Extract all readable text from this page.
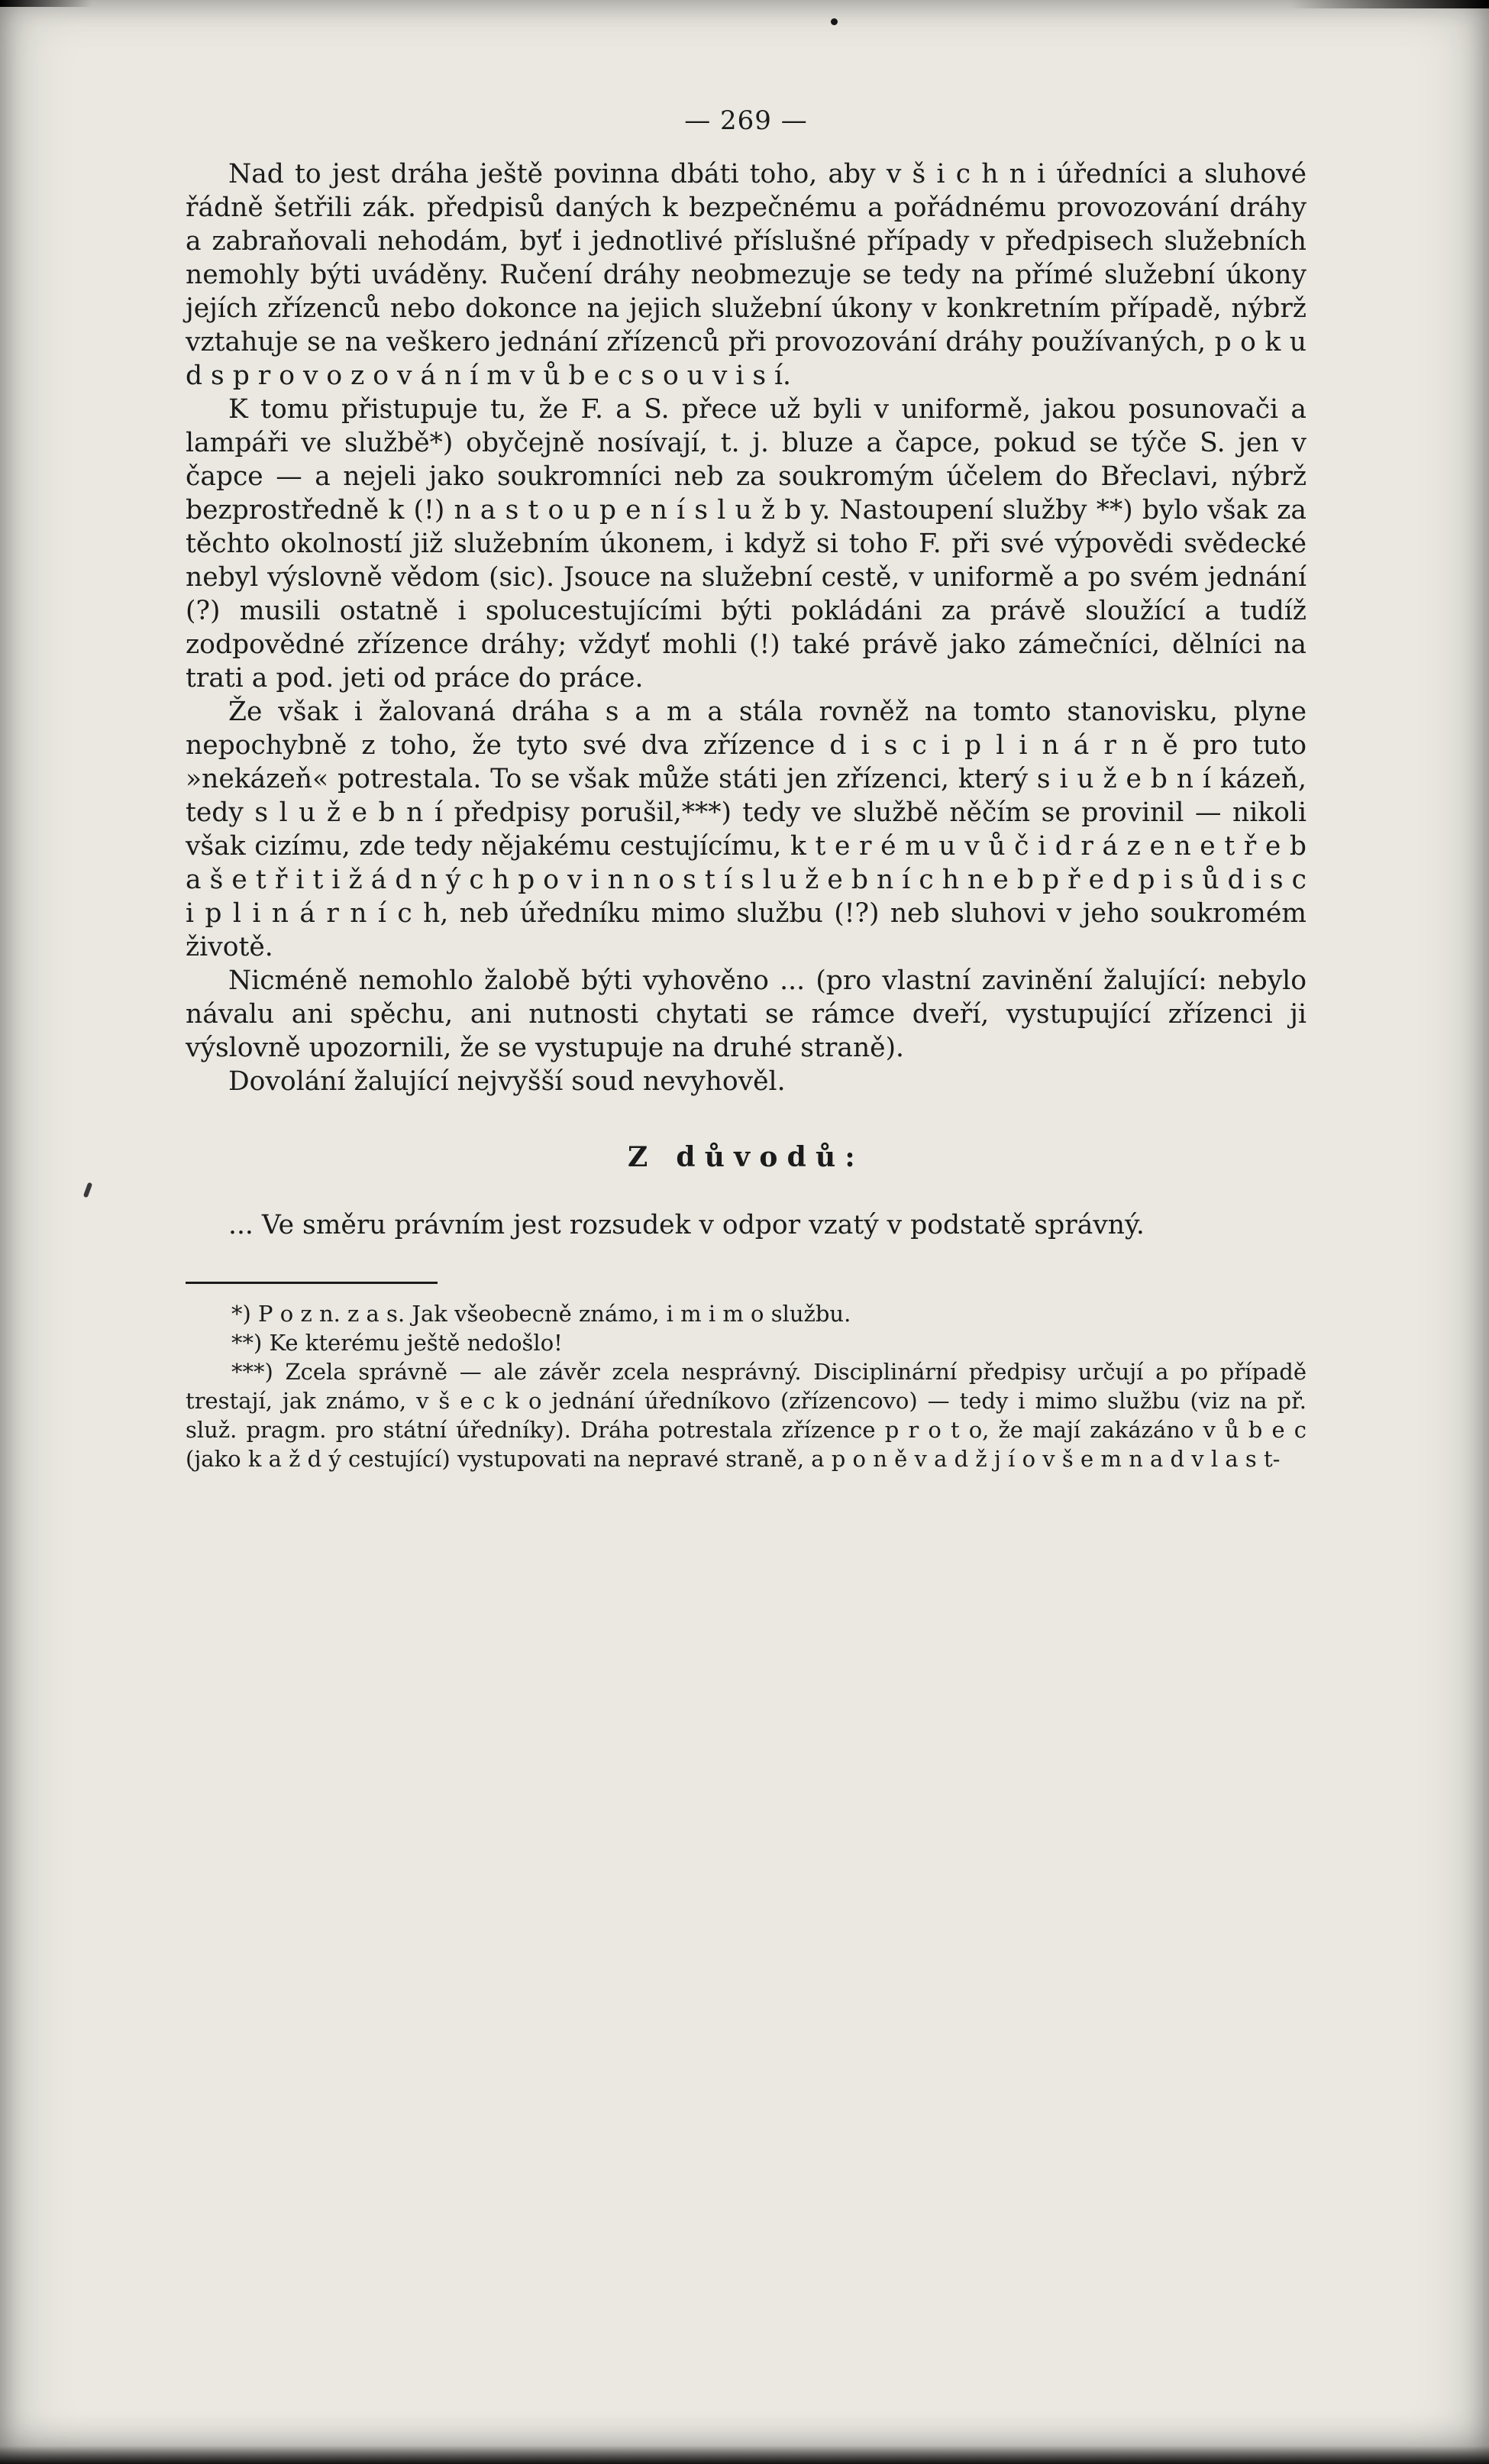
— 269 —

Nad to jest dráha ještě povinna dbáti toho, aby v š i c h n i úředníci a sluhové řádně šetřili zák. předpisů daných k bezpečnému a pořádnému provozování dráhy a zabraňovali nehodám, byť i jednotlivé příslušné případy v předpisech služebních nemohly býti uváděny. Ručení dráhy neobmezuje se tedy na přímé služební úkony jejích zřízenců nebo dokonce na jejich služební úkony v konkretním případě, nýbrž vztahuje se na veškero jednání zřízenců při provozování dráhy používaných, p o k u d s p r o v o z o v á n í m v ů b e c s o u v i s í.

K tomu přistupuje tu, že F. a S. přece už byli v uniformě, jakou posunovači a lampáři ve službě*) obyčejně nosívají, t. j. bluze a čapce, pokud se týče S. jen v čapce — a nejeli jako soukromníci neb za soukromým účelem do Břeclavi, nýbrž bezprostředně k (!) n a s t o u p e n í s l u ž b y. Nastoupení služby **) bylo však za těchto okolností již služebním úkonem, i když si toho F. při své výpovědi svědecké nebyl výslovně vědom (sic). Jsouce na služební cestě, v uniformě a po svém jednání (?) musili ostatně i spolucestujícími býti pokládáni za právě sloužící a tudíž zodpovědné zřízence dráhy; vždyť mohli (!) také právě jako zámečníci, dělníci na trati a pod. jeti od práce do práce.

Že však i žalovaná dráha s a m a stála rovněž na tomto stanovisku, plyne nepochybně z toho, že tyto své dva zřízence d i s c i p l i n á r n ě pro tuto »nekázeň« potrestala. To se však může státi jen zřízenci, který s i u ž e b n í kázeň, tedy s l u ž e b n í předpisy porušil,***) tedy ve službě něčím se provinil — nikoli však cizímu, zde tedy nějakému cestujícímu, k t e r é m u v ů č i d r á z e n e t ř e b a š e t ř i t i ž á d n ý c h p o v i n n o s t í s l u ž e b n í c h n e b p ř e d p i s ů d i s c i p l i n á r n í c h, neb úředníku mimo službu (!?) neb sluhovi v jeho soukromém životě.

Nicméně nemohlo žalobě býti vyhověno ... (pro vlastní zavinění žalující: nebylo návalu ani spěchu, ani nutnosti chytati se rámce dveří, vystupující zřízenci ji výslovně upozornili, že se vystupuje na druhé straně).

Dovolání žalující nejvyšší soud nevyhověl.

Z důvodů:

... Ve směru právním jest rozsudek v odpor vzatý v podstatě správný.

*) P o z n. z a s. Jak všeobecně známo, i m i m o službu.

**) Ke kterému ještě nedošlo!

***) Zcela správně — ale závěr zcela nesprávný. Disciplinární předpisy určují a po případě trestají, jak známo, v š e c k o jednání úředníkovo (zřízencovo) — tedy i mimo službu (viz na př. služ. pragm. pro státní úředníky). Dráha potrestala zřízence p r o t o, že mají zakázáno v ů b e c (jako k a ž d ý cestující) vystupovati na nepravé straně, a p o n ě v a d ž j í o v š e m n a d v l a s t-
